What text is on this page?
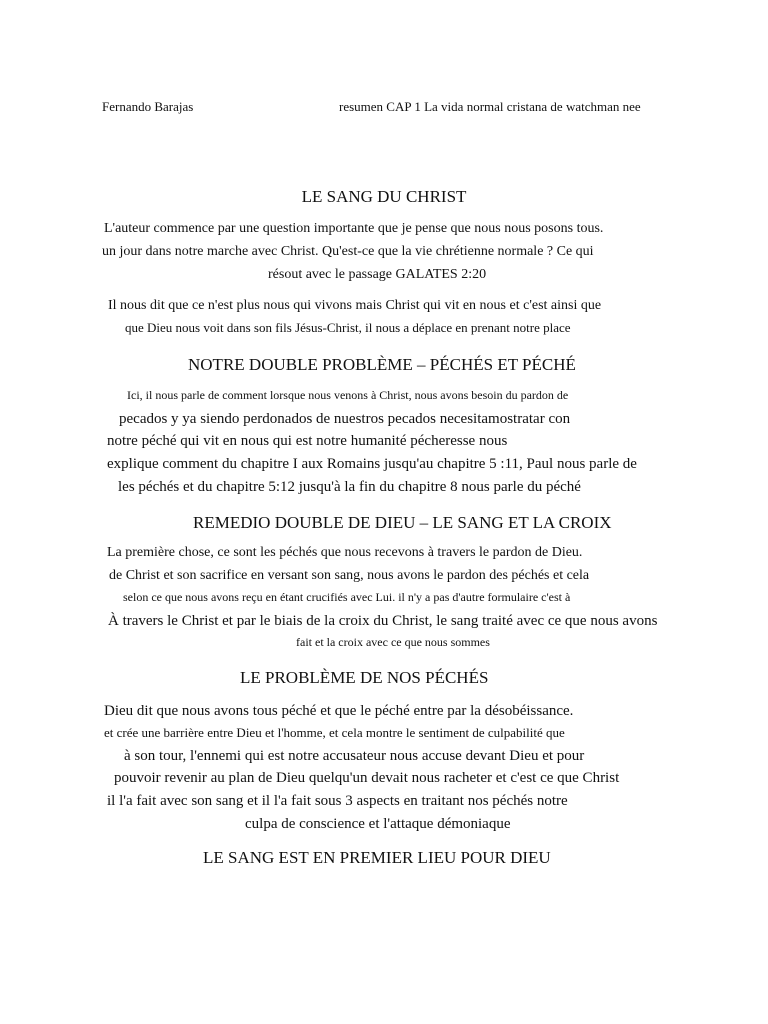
Fernando Barajas	resumen CAP 1 La vida normal cristana de watchman nee
LE SANG DU CHRIST
L'auteur commence par une question importante que je pense que nous nous posons tous.
un jour dans notre marche avec Christ. Qu'est-ce que la vie chrétienne normale ? Ce qui
résout avec le passage GALATES 2:20
Il nous dit que ce n'est plus nous qui vivons mais Christ qui vit en nous et c'est ainsi que
que Dieu nous voit dans son fils Jésus-Christ, il nous a déplace en prenant notre place
NOTRE DOUBLE PROBLÈME – PÉCHÉS ET PÉCHÉ
Ici, il nous parle de comment lorsque nous venons à Christ, nous avons besoin du pardon de
pecados y ya siendo perdonados de nuestros pecados necesitamostratar con
notre péché qui vit en nous qui est notre humanité pécheresse nous
explique comment du chapitre I aux Romains jusqu'au chapitre 5 :11, Paul nous parle de
les péchés et du chapitre 5:12 jusqu'à la fin du chapitre 8 nous parle du péché
REMEDIO DOUBLE DE DIEU – LE SANG ET LA CROIX
La première chose, ce sont les péchés que nous recevons à travers le pardon de Dieu.
de Christ et son sacrifice en versant son sang, nous avons le pardon des péchés et cela
selon ce que nous avons reçu en étant crucifiés avec Lui. il n'y a pas d'autre formulaire c'est à
À travers le Christ et par le biais de la croix du Christ, le sang traité avec ce que nous avons
fait et la croix avec ce que nous sommes
LE PROBLÈME DE NOS PÉCHÉS
Dieu dit que nous avons tous péché et que le péché entre par la désobéissance.
et crée une barrière entre Dieu et l'homme, et cela montre le sentiment de culpabilité que
à son tour, l'ennemi qui est notre accusateur nous accuse devant Dieu et pour
pouvoir revenir au plan de Dieu quelqu'un devait nous racheter et c'est ce que Christ
il l'a fait avec son sang et il l'a fait sous 3 aspects en traitant nos péchés notre
culpa de conscience et l'attaque démoniaque
LE SANG EST EN PREMIER LIEU POUR DIEU
